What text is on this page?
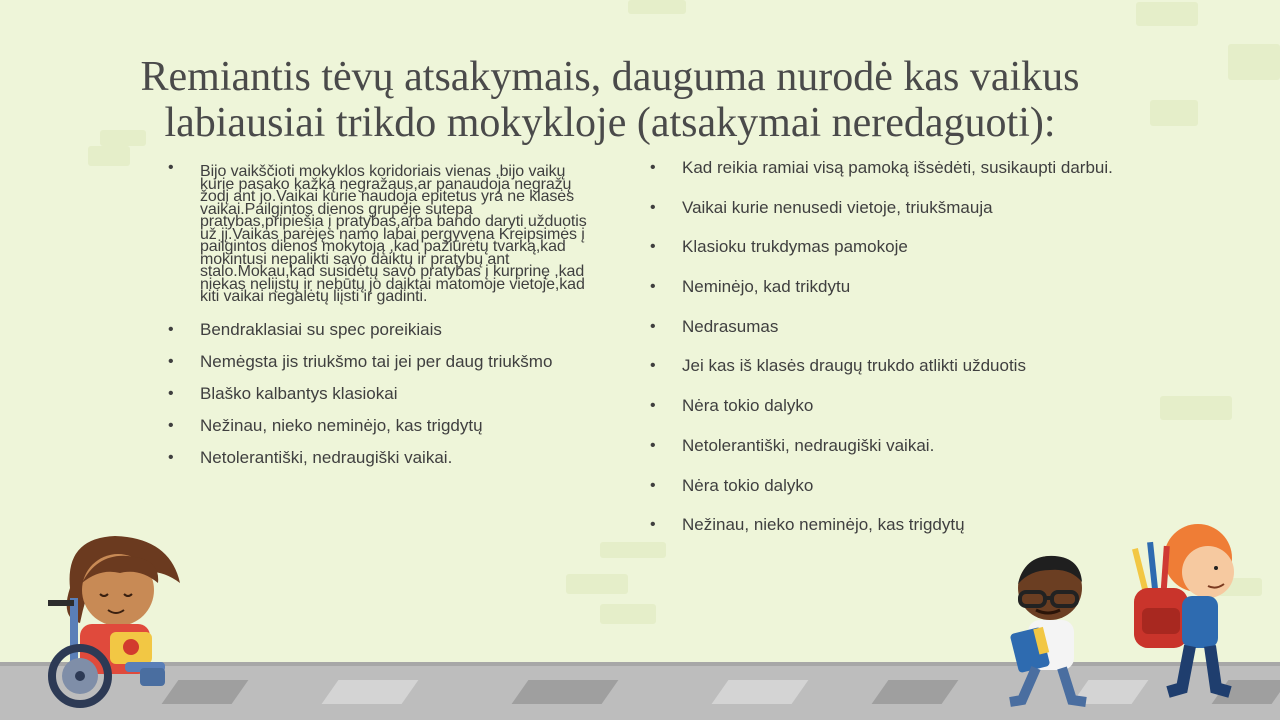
Remiantis tėvų atsakymais, dauguma nurodė kas vaikus
labiausiai trikdo mokykloje (atsakymai neredaguoti):
• Bijo vaikščioti mokyklos koridoriais vienas ,bijo vaikų kurie pasako kažką negražaus,ar panaudoja negražų žodį ant jo.Vaikai kurie naudoja epitetus yra ne klasės vaikai.Pailgintos dienos grupėje sutepa pratybas,pripiešia į pratybas,arba bando daryti užduotis už jį.Vaikas parėjęs namo labai pergyvena Kreipsimės į pailgintos dienos mokytoją ,kad pažiūrėtų tvarką,kad mokintusi nepalikti savo daiktų ir pratybų ant stalo.Mokau,kad susidėtų savo pratybas į kurprinę ,kad niekas neliįstų ir nebūtų jo daiktai matomoje vietoje,kad kiti vaikai negalėtų liįsti ir gadinti.
• Bendraklasiai su spec poreikiais
• Nemėgsta jis triukšmo tai jei per daug triukšmo
• Blaško kalbantys klasiokai
• Nežinau, nieko neminėjo, kas trigdytų
• Netolerantiški, nedraugiški vaikai.
• Kad reikia ramiai visą pamoką išsėdėti, susikaupti darbui.
• Vaikai kurie nenusedi vietoje, triukšmauja
• Klasioku trukdymas pamokoje
• Neminėjo, kad trikdytu
• Nedrasumas
• Jei kas iš klasės draugų trukdo atlikti užduotis
• Nėra tokio dalyko
• Netolerantiški, nedraugiški vaikai.
• Nėra tokio dalyko
• Nežinau, nieko neminėjo, kas trigdytų
